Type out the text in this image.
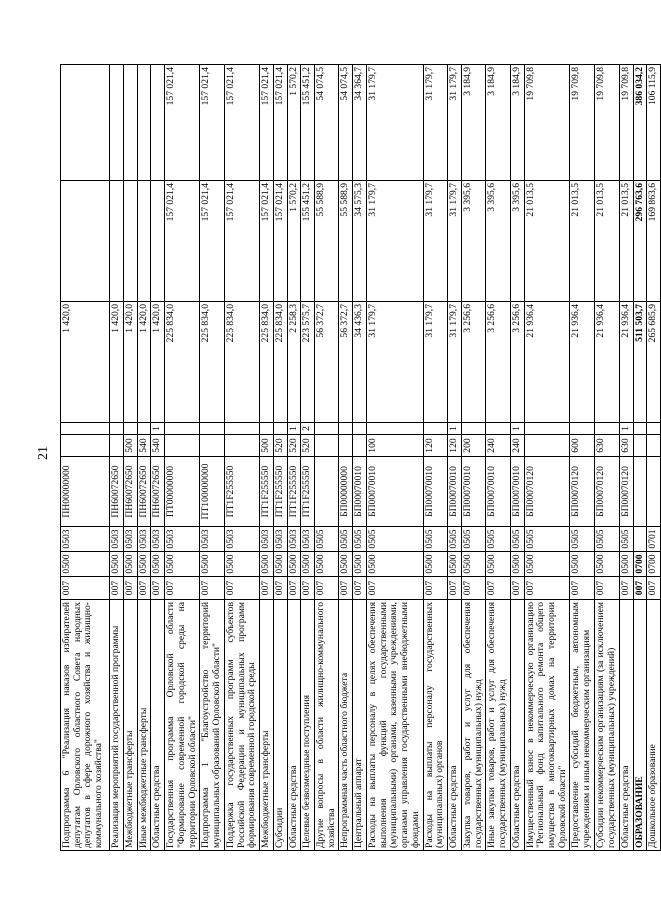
21
Подпрограмма 6 "Реализация наказов избирателей депутатам Орловского областного Совета народных депутатов в сфере дорожного хозяйства и жилищно-коммунального хозяйства"	007	0500	0503	ПН00000000			1 420,0		
Реализация мероприятий государственной программы	007	0500	0503	ПН60072650			1 420,0		
Межбюджетные трансферты	007	0500	0503	ПН60072650	500		1 420,0		
Иные межбюджетные трансферты	007	0500	0503	ПН60072650	540		1 420,0		
Областные средства	007	0500	0503	ПН60072650	540	1	1 420,0		
Государственная программа Орловской области "Формирование современной городской среды на территории Орловской области"	007	0500	0503	ПТ00000000			225 834,0	157 021,4	157 021,4
Подпрограмма 1 "Благоустройство территорий муниципальных образований Орловской области"	007	0500	0503	ПТ100000000			225 834,0	157 021,4	157 021,4
Поддержка государственных программ субъектов Российской Федерации и муниципальных программ формирования современной городской среды	007	0500	0503	ПТ1F255550			225 834,0	157 021,4	157 021,4
Межбюджетные трансферты	007	0500	0503	ПТ1F255550	500		225 834,0	157 021,4	157 021,4
Субсидии	007	0500	0503	ПТ1F255550	520		225 834,0	157 021,4	157 021,4
Областные средства	007	0500	0503	ПТ1F255550	520	1	2 258,3	1 570,2	1 570,2
Целевые безвозмездные поступления	007	0500	0503	ПТ1F255550	520	2	223 575,7	155 451,2	155 451,2
Другие вопросы в области жилищно-коммунального хозяйства	007	0500	0505				56 372,7	55 588,9	54 074,5
Непрограммная часть областного бюджета	007	0500	0505	БП00000000			56 372,7	55 588,9	54 074,5
Центральный аппарат	007	0500	0505	БП00070010			34 436,3	34 575,3	34 364,7
Расходы на выплаты персоналу в целях обеспечения выполнения функций государственными (муниципальными) органами, казенными учреждениями, органами управления государственными внебюджетными фондами	007	0500	0505	БП00070010	100		31 179,7	31 179,7	31 179,7
Расходы на выплаты персоналу государственных (муниципальных) органов	007	0500	0505	БП00070010	120		31 179,7	31 179,7	31 179,7
Областные средства	007	0500	0505	БП00070010	120	1	31 179,7	31 179,7	31 179,7
Закупка товаров, работ и услуг для обеспечения государственных (муниципальных) нужд	007	0500	0505	БП00070010	200		3 256,6	3 395,6	3 184,9
Иные закупки товаров, работ и услуг для обеспечения государственных (муниципальных) нужд	007	0500	0505	БП00070010	240		3 256,6	3 395,6	3 184,9
Областные средства	007	0500	0505	БП00070010	240	1	3 256,6	3 395,6	3 184,9
Имущественный взнос в некоммерческую организацию "Региональный фонд капитального ремонта общего имущества в многоквартирных домах на территории Орловской области"	007	0500	0505	БП00070120			21 936,4	21 013,5	19 709,8
Предоставление субсидий бюджетным, автономным учреждениям и иным некоммерческим организациям	007	0500	0505	БП00070120	600		21 936,4	21 013,5	19 709,8
Субсидии некоммерческим организациям (за исключением государственных (муниципальных) учреждений)	007	0500	0505	БП00070120	630		21 936,4	21 013,5	19 709,8
Областные средства	007	0500	0505	БП00070120	630	1	21 936,4	21 013,5	19 709,8
ОБРАЗОВАНИЕ	007	0700					511 503,7	296 763,6	386 034,2
Дошкольное образование	007	0700	0701				265 685,9	169 863,6	106 115,9
